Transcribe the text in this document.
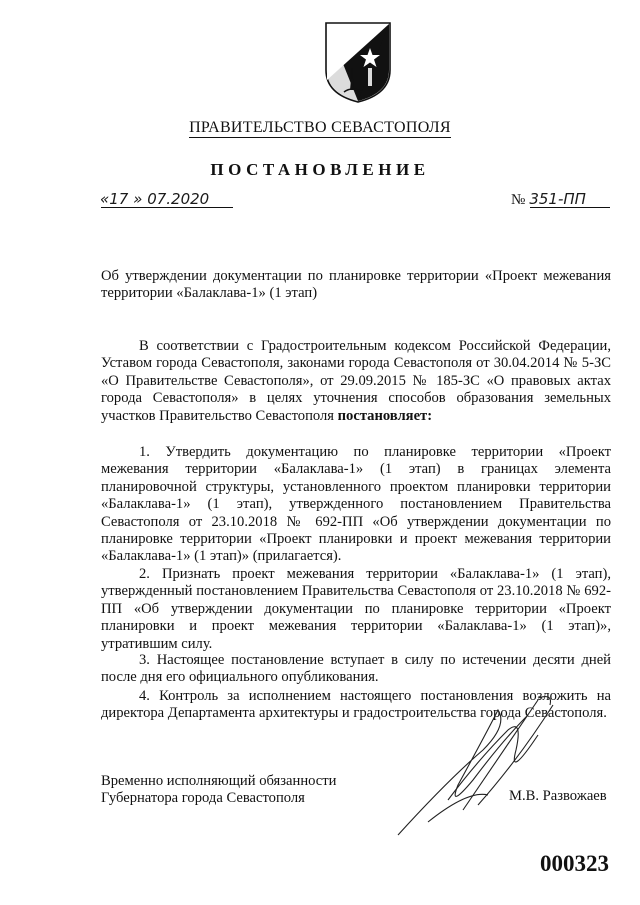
ПРАВИТЕЛЬСТВО СЕВАСТОПОЛЯ
ПОСТАНОВЛЕНИЕ
«17 » 07.2020	№ 351-ПП
Об утверждении документации по планировке территории «Проект межевания территории «Балаклава-1» (1 этап)
В соответствии с Градостроительным кодексом Российской Федерации, Уставом города Севастополя, законами города Севастополя от 30.04.2014 № 5-ЗС «О Правительстве Севастополя», от 29.09.2015 № 185-ЗС «О правовых актах города Севастополя» в целях уточнения способов образования земельных участков Правительство Севастополя постановляет:
1. Утвердить документацию по планировке территории «Проект межевания территории «Балаклава-1» (1 этап) в границах элемента планировочной структуры, установленного проектом планировки территории «Балаклава-1» (1 этап), утвержденного постановлением Правительства Севастополя от 23.10.2018 № 692-ПП «Об утверждении документации по планировке территории «Проект планировки и проект межевания территории «Балаклава-1» (1 этап)» (прилагается).
2. Признать проект межевания территории «Балаклава-1» (1 этап), утвержденный постановлением Правительства Севастополя от 23.10.2018 № 692-ПП «Об утверждении документации по планировке территории «Проект планировки и проект межевания территории «Балаклава-1» (1 этап)», утратившим силу.
3. Настоящее постановление вступает в силу по истечении десяти дней после дня его официального опубликования.
4. Контроль за исполнением настоящего постановления возложить на директора Департамента архитектуры и градостроительства города Севастополя.
Временно исполняющий обязанности
Губернатора города Севастополя	М.В. Развожаев
000323
